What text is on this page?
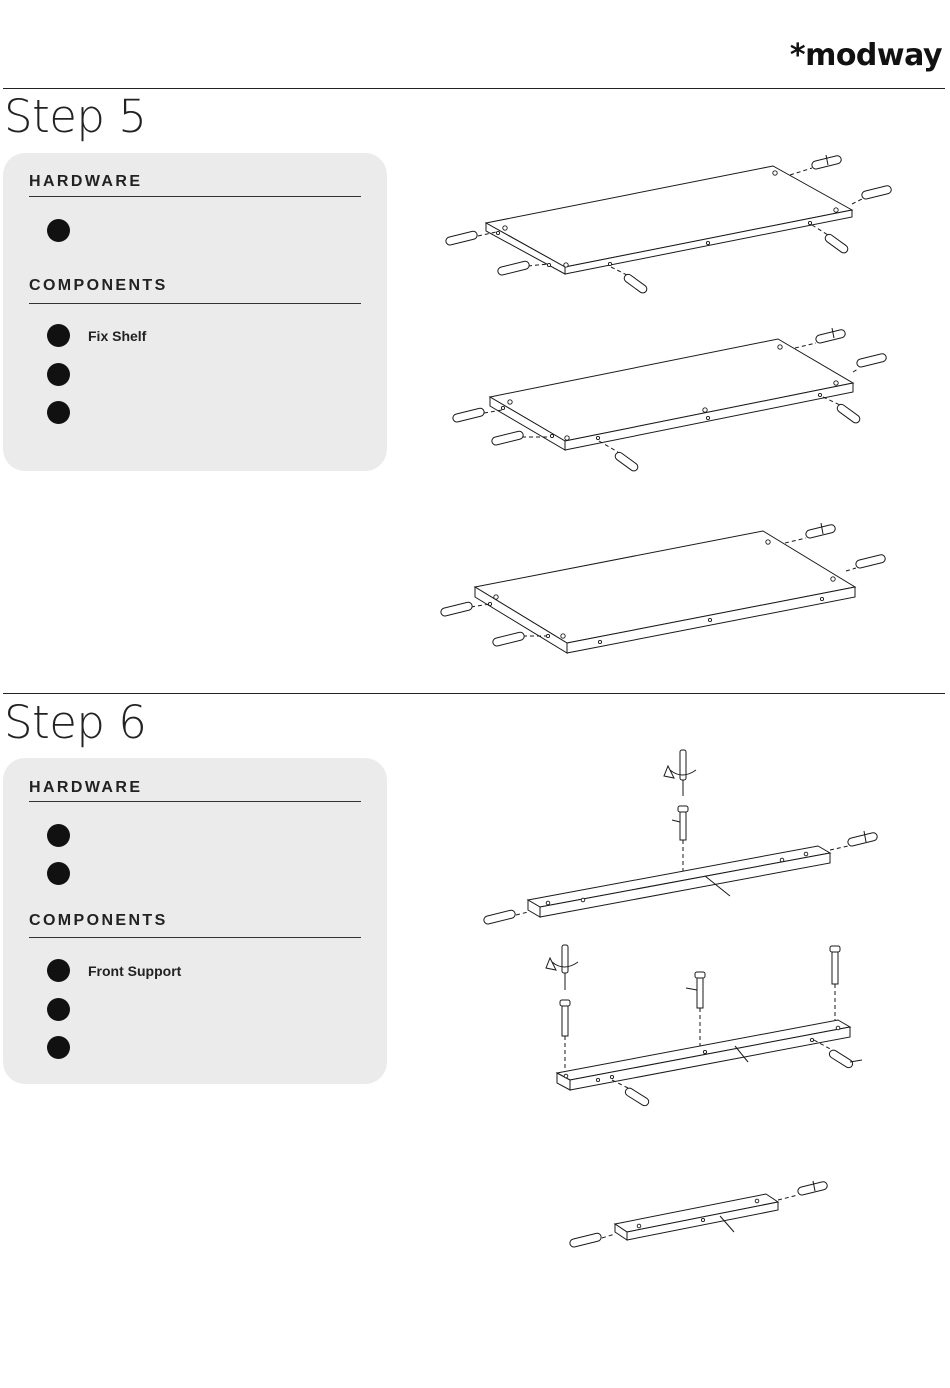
*modway
Step 5
HARDWARE
COMPONENTS
Fix Shelf
Step 6
HARDWARE
COMPONENTS
Front Support
